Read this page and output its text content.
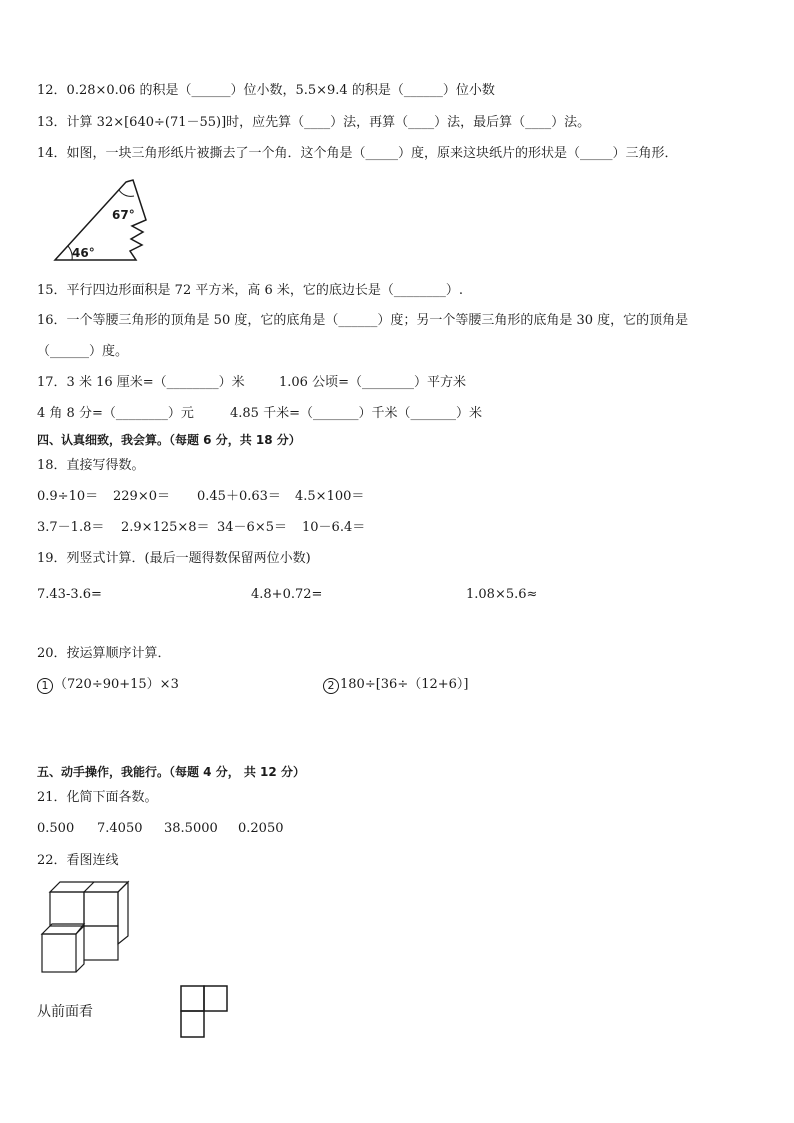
12．0.28×0.06 的积是（______）位小数，5.5×9.4 的积是（______）位小数
13．计算 32×[640÷(71－55)]时，应先算（____）法，再算（____）法，最后算（____）法。
14．如图，一块三角形纸片被撕去了一个角．这个角是（_____）度，原来这块纸片的形状是（_____）三角形．
67°
46°
15．平行四边形面积是 72 平方米，高 6 米，它的底边长是（________）.
16．一个等腰三角形的顶角是 50 度，它的底角是（______）度；另一个等腰三角形的底角是 30 度，它的顶角是
（______）度。
17．3 米 16 厘米=（________）米	1.06 公顷=（________）平方米
4 角 8 分=（________）元	4.85 千米=（_______）千米（_______）米
四、认真细致，我会算。（每题 6 分，共 18 分）
18．直接写得数。
0.9÷10＝ 229×0＝ 0.45＋0.63＝ 4.5×100＝
3.7－1.8＝ 2.9×125×8＝ 34－6×5＝ 10－6.4＝
19．列竖式计算．(最后一题得数保留两位小数)
7.43-3.6=	4.8+0.72=	1.08×5.6≈
20．按运算顺序计算．
1 （720÷90+15）×3	2 180÷[36÷（12+6）]
五、动手操作，我能行。（每题 4 分， 共 12 分）
21．化简下面各数。
0.500 7.4050 38.5000 0.2050
22．看图连线
从前面看
